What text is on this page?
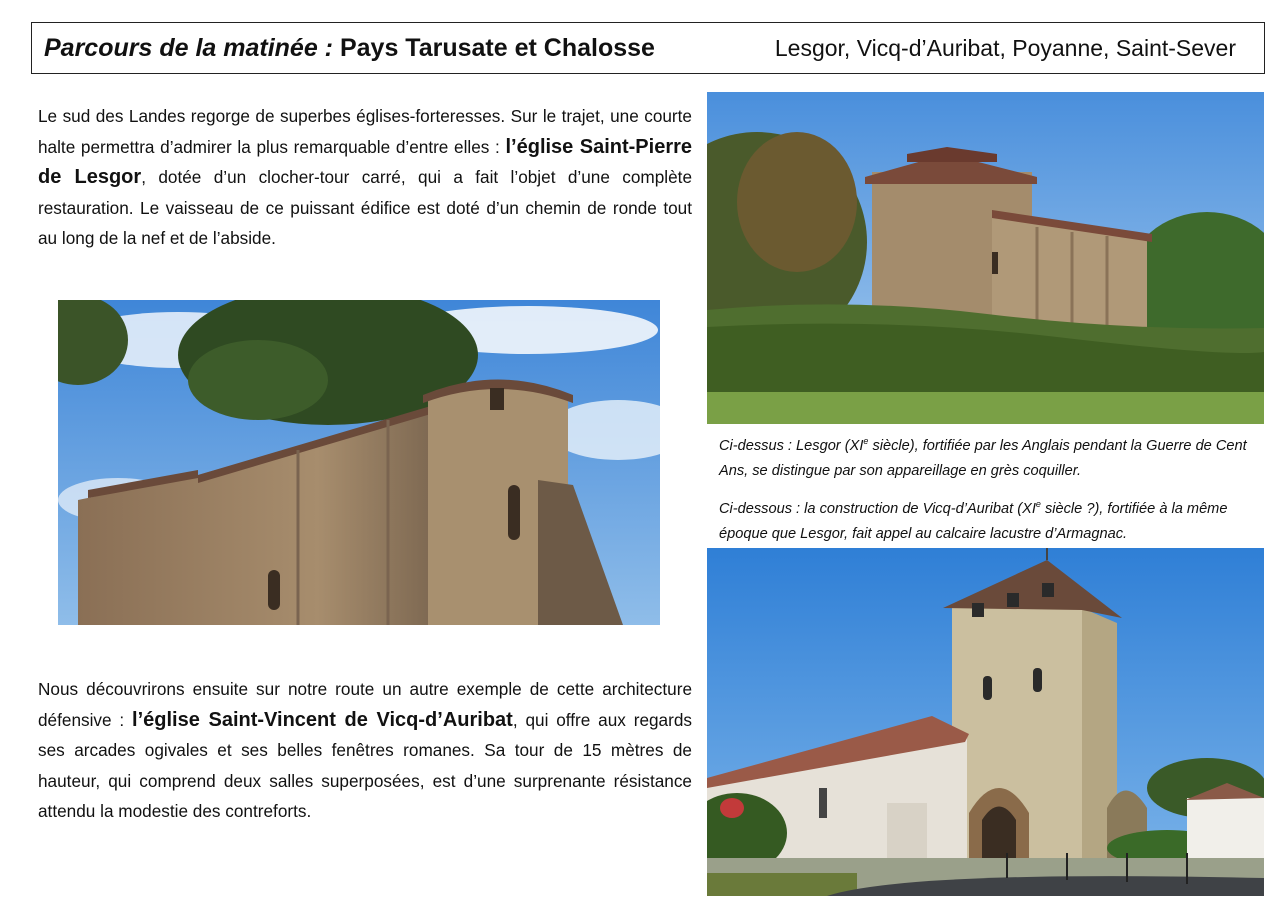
Parcours de la matinée : Pays Tarusate et Chalosse	Lesgor, Vicq-d’Auribat, Poyanne, Saint-Sever

Le sud des Landes regorge de superbes églises-forteresses. Sur le trajet, une courte halte permettra d’admirer la plus remarquable d’entre elles : l’église Saint-Pierre de Lesgor, dotée d’un clocher-tour carré, qui a fait l’objet d’une complète restauration. Le vaisseau de ce puissant édifice est doté d’un chemin de ronde tout au long de la nef et de l’abside.

Nous découvrirons ensuite sur notre route un autre exemple de cette architecture défensive : l’église Saint-Vincent de Vicq-d’Auribat, qui offre aux regards ses arcades ogivales et ses belles fenêtres romanes. Sa tour de 15 mètres de hauteur, qui comprend deux salles superposées, est d’une surprenante résistance attendu la modestie des contreforts.

Ci-dessus : Lesgor (XIe siècle), fortifiée par les Anglais pendant la Guerre de Cent Ans, se distingue par son appareillage en grès coquiller.

Ci-dessous : la construction de Vicq-d’Auribat (XIe siècle ?), fortifiée à la même époque que Lesgor, fait appel au calcaire lacustre d’Armagnac.
